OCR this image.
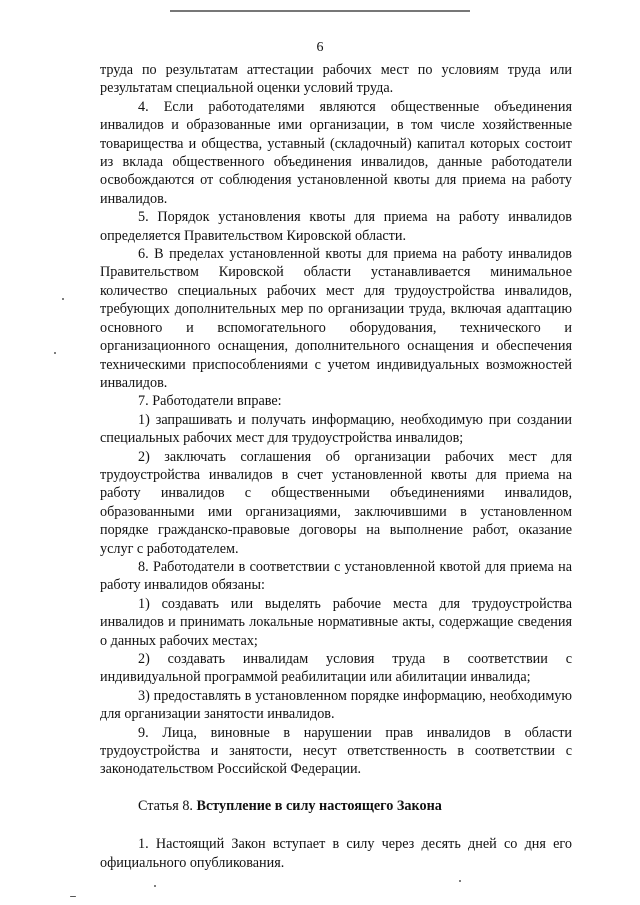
6

труда по результатам аттестации рабочих мест по условиям труда или результатам специальной оценки условий труда.

4. Если работодателями являются общественные объединения инвалидов и образованные ими организации, в том числе хозяйственные товарищества и общества, уставный (складочный) капитал которых состоит из вклада общественного объединения инвалидов, данные работодатели освобождаются от соблюдения установленной квоты для приема на работу инвалидов.

5. Порядок установления квоты для приема на работу инвалидов определяется Правительством Кировской области.

6. В пределах установленной квоты для приема на работу инвалидов Правительством Кировской области устанавливается минимальное количество специальных рабочих мест для трудоустройства инвалидов, требующих дополнительных мер по организации труда, включая адаптацию основного и вспомогательного оборудования, технического и организационного оснащения, дополнительного оснащения и обеспечения техническими приспособлениями с учетом индивидуальных возможностей инвалидов.

7. Работодатели вправе:

1) запрашивать и получать информацию, необходимую при создании специальных рабочих мест для трудоустройства инвалидов;

2) заключать соглашения об организации рабочих мест для трудоустройства инвалидов в счет установленной квоты для приема на работу инвалидов с общественными объединениями инвалидов, образованными ими организациями, заключившими в установленном порядке гражданско-правовые договоры на выполнение работ, оказание услуг с работодателем.

8. Работодатели в соответствии с установленной квотой для приема на работу инвалидов обязаны:

1) создавать или выделять рабочие места для трудоустройства инвалидов и принимать локальные нормативные акты, содержащие сведения о данных рабочих местах;

2) создавать инвалидам условия труда в соответствии с индивидуальной программой реабилитации или абилитации инвалида;

3) предоставлять в установленном порядке информацию, необходимую для организации занятости инвалидов.

9. Лица, виновные в нарушении прав инвалидов в области трудоустройства и занятости, несут ответственность в соответствии с законодательством Российской Федерации.

Статья 8. Вступление в силу настоящего Закона

1. Настоящий Закон вступает в силу через десять дней со дня его официального опубликования.
